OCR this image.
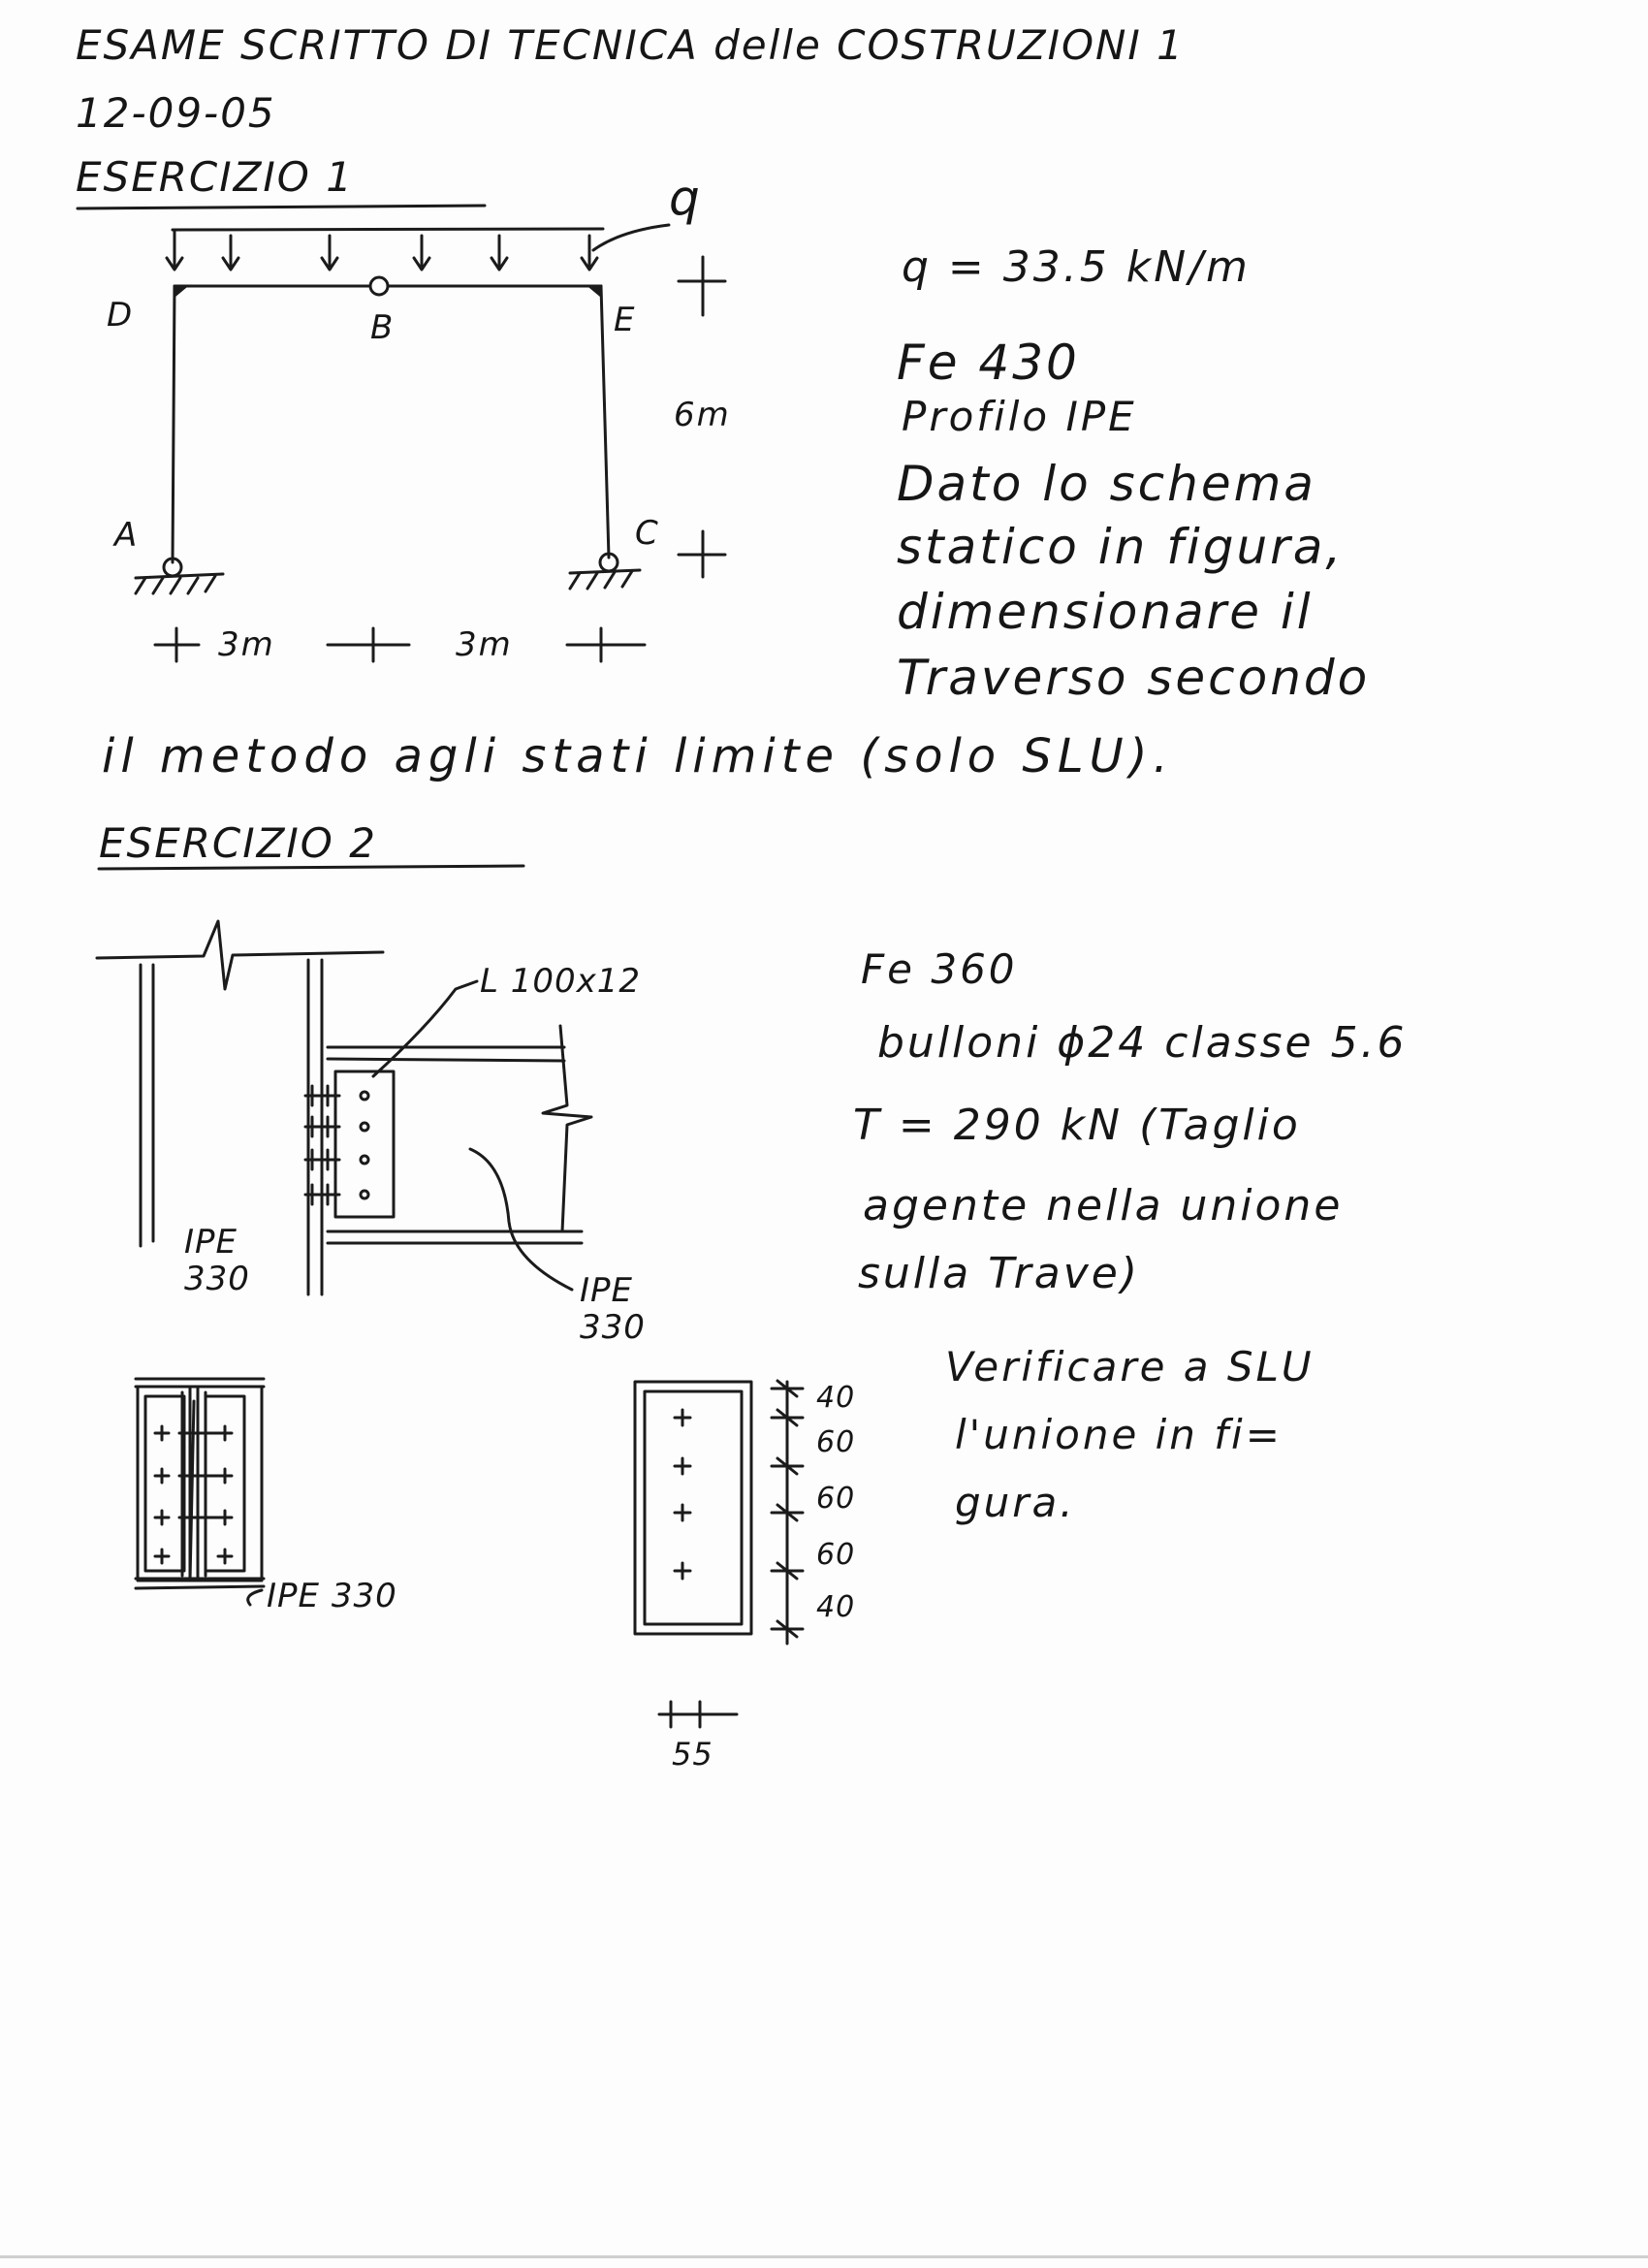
ESAME SCRITTO DI TECNICA delle COSTRUZIONI 1
12-09-05
ESERCIZIO 1	q
D	B	E
A	C
6m
3m	3m
q = 33.5 kN/m
Fe 430
Profilo IPE
Dato lo schema
statico in figura,
dimensionare il
Traverso secondo
il metodo agli stati limite (solo SLU).
ESERCIZIO 2
L 100x12
IPE 330	IPE 330
IPE 330
40
60
60
60
40
55
Fe 360
bulloni ϕ24 classe 5.6
T = 290 kN (Taglio
agente nella unione
sulla Trave)
Verificare a SLU
l'unione in fi=
gura.
